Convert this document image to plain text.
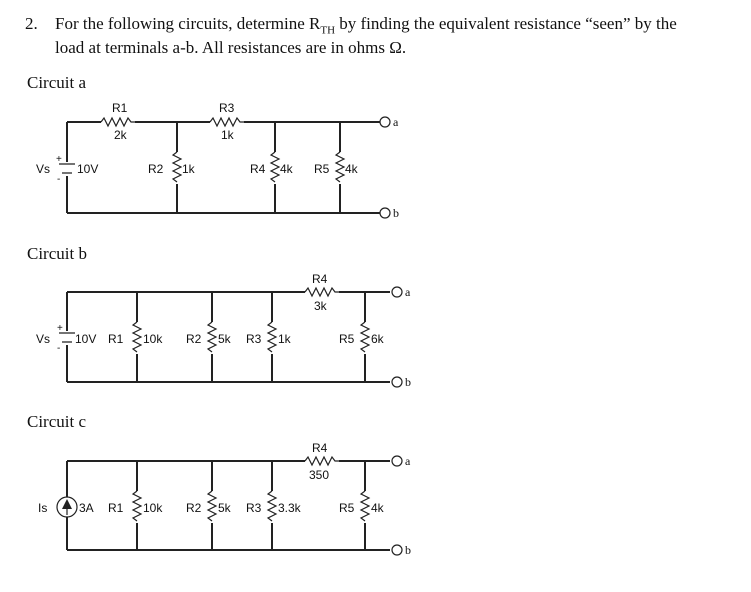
2. For the following circuits, determine $R_{TH}$ by finding the equivalent resistance “seen” by the
load at terminals a-b. All resistances are in ohms Ω.
Circuit a
Circuit b
Circuit c
R1
2k
R3
1k
R2 1k	R4 4k R5 4k
Vs 10V
+
-
a
b
R4
3k
R1 10k R2 5k R3 1k	R5 6k
Vs 10V
+
-
a
b
R4
350
R1 10k R2 5k R3 3.3k	R5 4k
Is	3A
a
b
